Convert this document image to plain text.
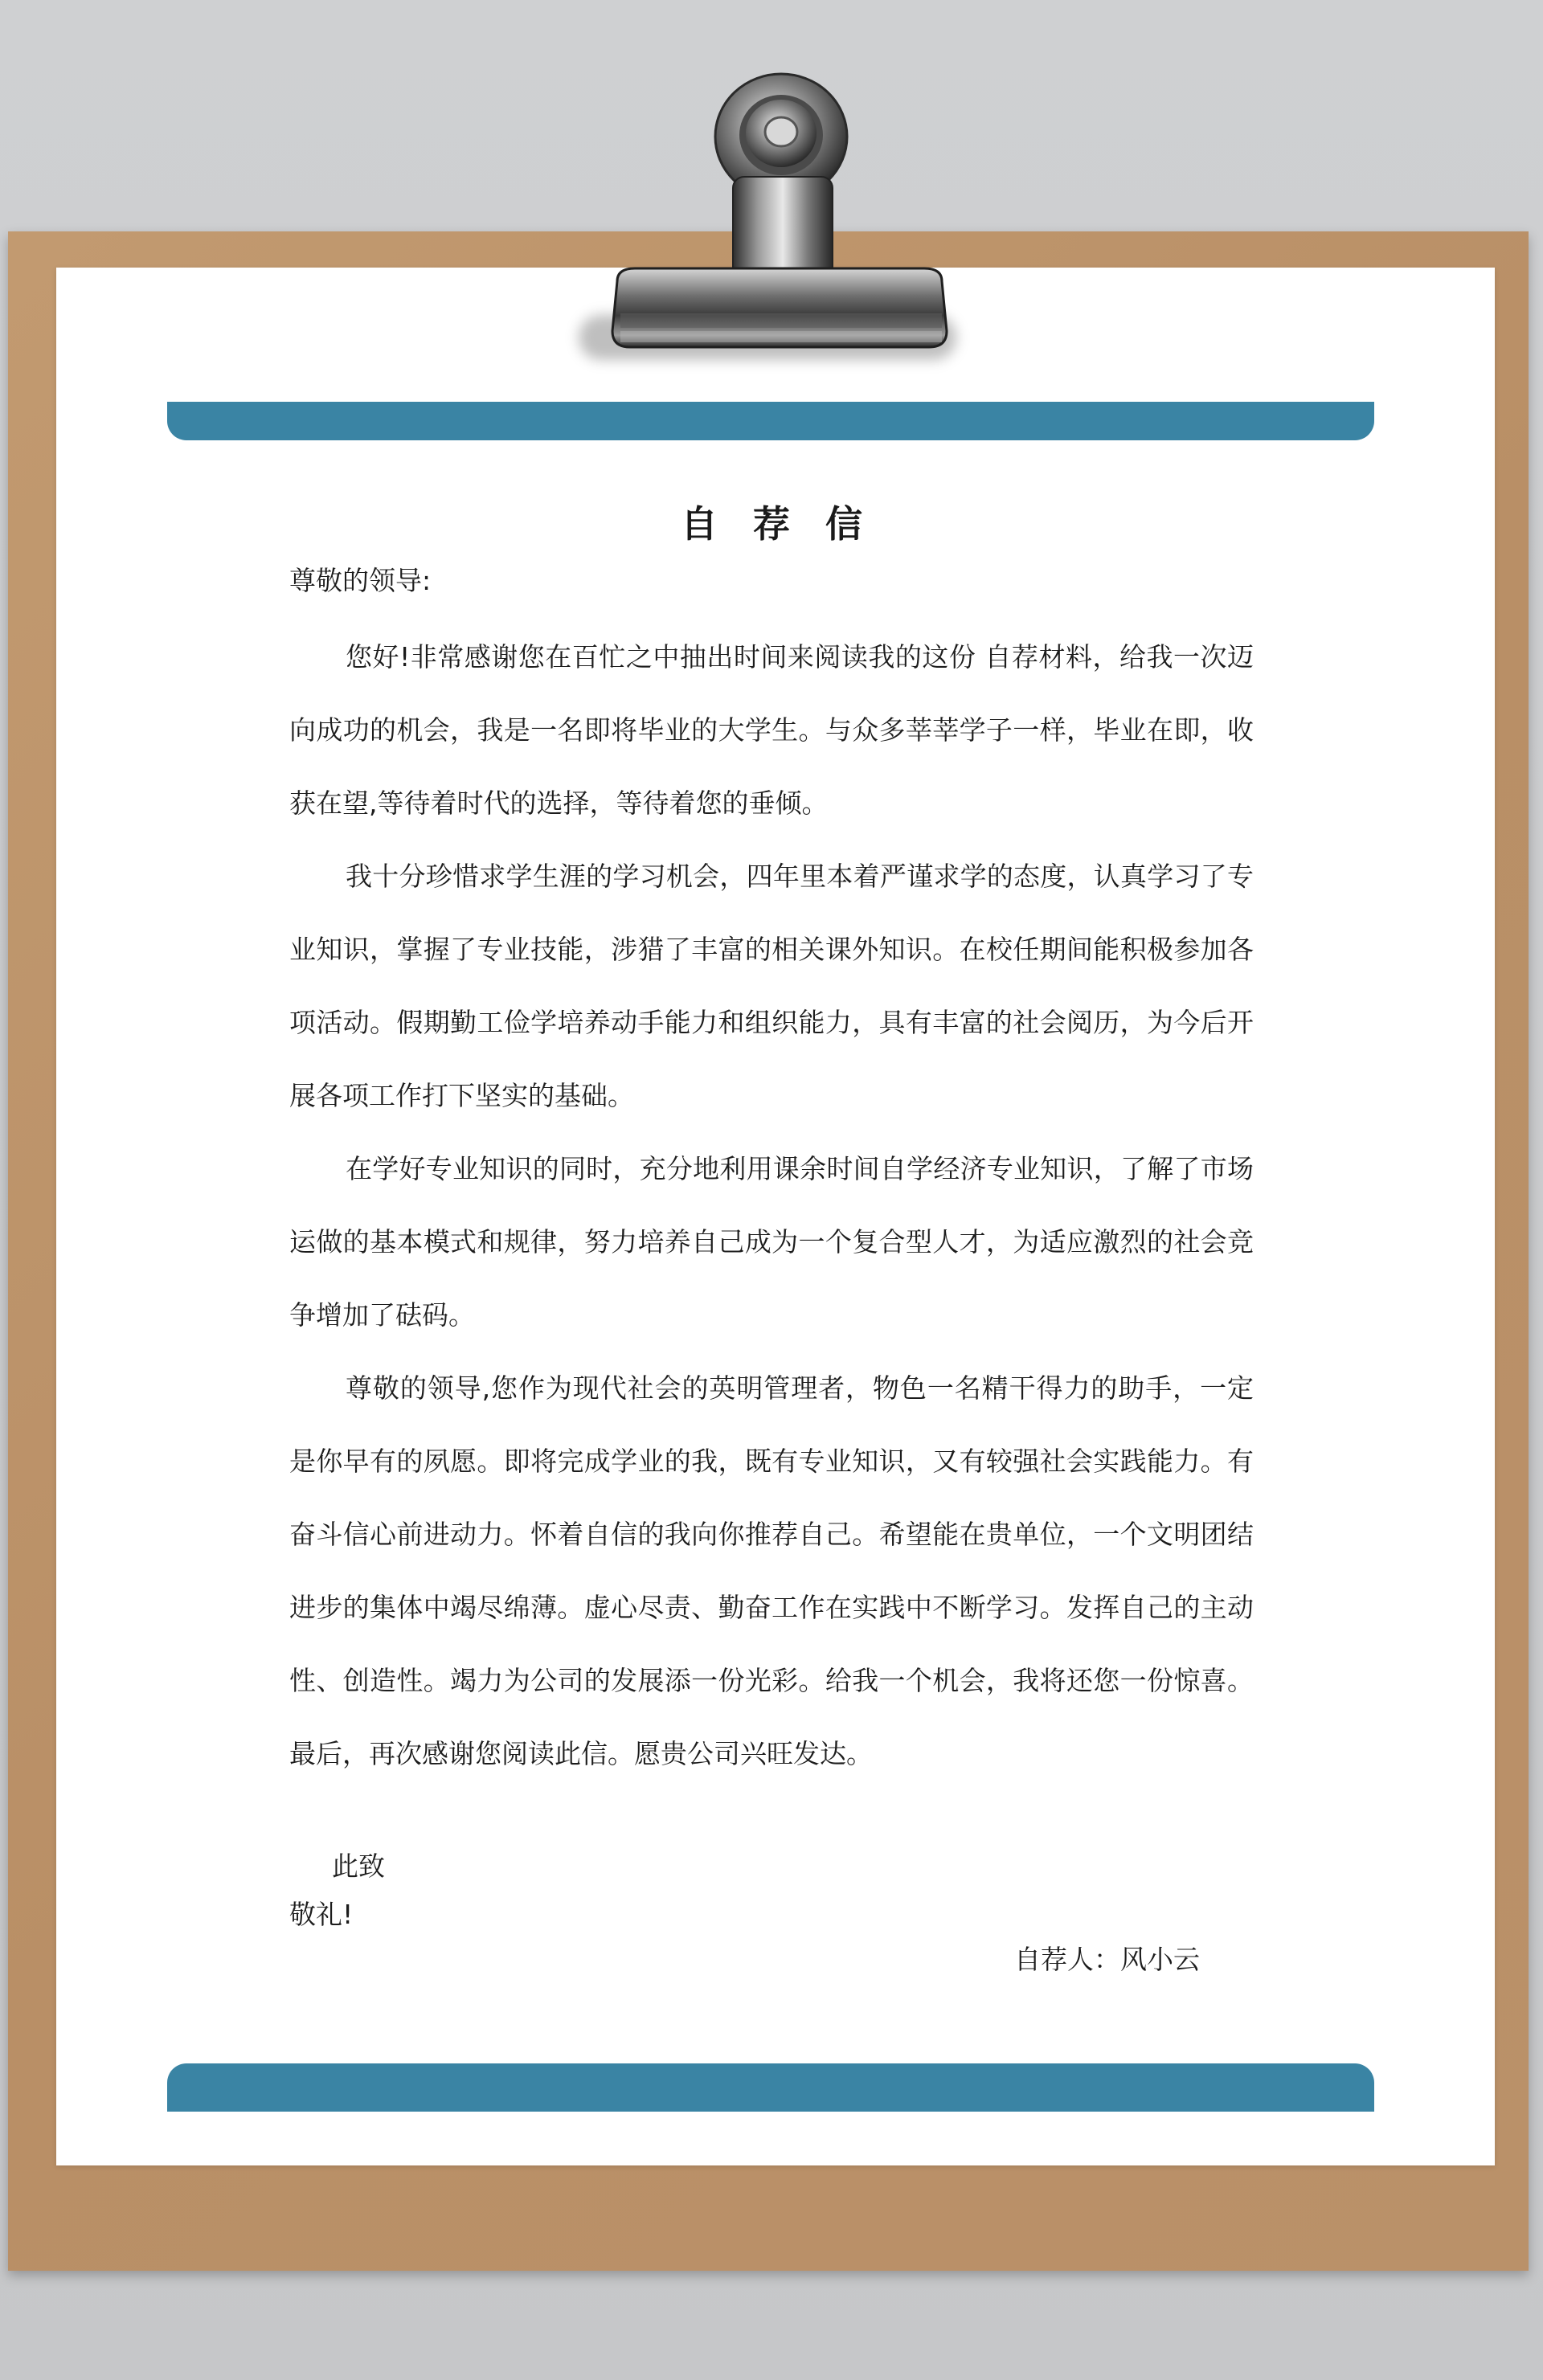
自荐信
尊敬的领导:

您好!非常感谢您在百忙之中抽出时间来阅读我的这份 自荐材料，给我一次迈向成功的机会，我是一名即将毕业的大学生。与众多莘莘学子一样，毕业在即，收获在望,等待着时代的选择，等待着您的垂倾。

我十分珍惜求学生涯的学习机会，四年里本着严谨求学的态度，认真学习了专业知识，掌握了专业技能，涉猎了丰富的相关课外知识。在校任期间能积极参加各项活动。假期勤工俭学培养动手能力和组织能力，具有丰富的社会阅历，为今后开展各项工作打下坚实的基础。

在学好专业知识的同时，充分地利用课余时间自学经济专业知识，了解了市场运做的基本模式和规律，努力培养自己成为一个复合型人才，为适应激烈的社会竞争增加了砝码。

尊敬的领导,您作为现代社会的英明管理者，物色一名精干得力的助手，一定是你早有的夙愿。即将完成学业的我，既有专业知识，又有较强社会实践能力。有奋斗信心前进动力。怀着自信的我向你推荐自己。希望能在贵单位，一个文明团结进步的集体中竭尽绵薄。虚心尽责、勤奋工作在实践中不断学习。发挥自己的主动性、创造性。竭力为公司的发展添一份光彩。给我一个机会，我将还您一份惊喜。最后，再次感谢您阅读此信。愿贵公司兴旺发达。

此致
敬礼!
自荐人：风小云
